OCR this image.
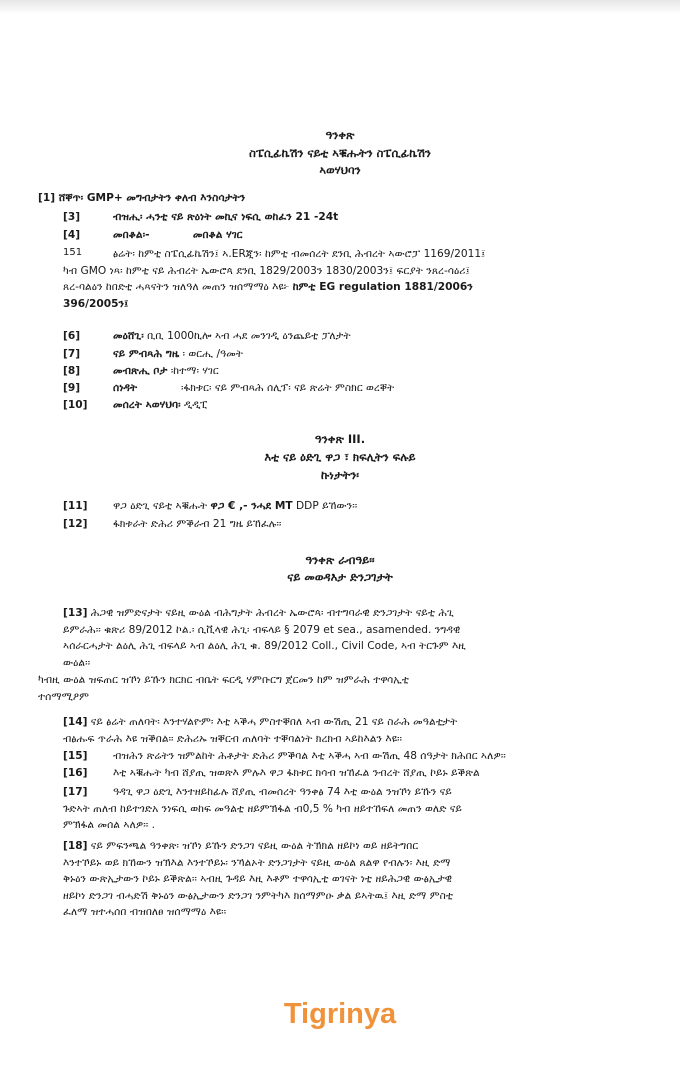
ዓንቀጽ
ስፔሲፊኬሽን ናይቲ ኣቑሑትን ስፔሲፊኬሽን
ኣወሃህባን
[1] ሸቐጥ፡ GMP+ መግብታትን ቀለብ እንስሳታትን
[3]	ብዝሒ፡ ሓንቲ ናይ ጽዕነት መኪና ነፍሲ ወከፈን 21 -24t
[4]	መበቆል፡-	መበቆል ሃገር
151	ፅሬት፡ ከምቲ ስፔሲፊኬሽን፤ ኣ.ERጂን፡ ከምቲ ብመሰረት ደንቢ ሕብረት ኣውሮፓ 1169/2011፤

ካብ GMO ነጻ፡ ከምቲ ናይ ሕብረት ኤውሮጳ ደንቢ 1829/2003ን 1830/2003ን፤ ፍርያት ንጸረ-ሳዕሪ፤

ጸረ-ባልዕን ከበድቲ ሓጻናትን ዝለዓለ መጠን ዝሰማማዕ እዩ፦ ከምቲ EG regulation 1881/2006ን

396/2005ን፤

[6]	መዕሸጊ፡ ቢቢ 1000ኪሎ ኣብ ሓደ መንገዲ ዕንጨይቲ ፓለታት
[7]	ናይ ምብጻሕ ግዜ ፡ ወርሒ /ዓመት
[8]	መብጽሒ ቦታ ፡ከተማ፡ ሃገር
[9]	ሰነዳት             ፡ፋክቱር፡ ናይ ምብጻሕ ሰሊፕ፡ ናይ ጽሬት ምስክር ወረቐት
[10] መሰረት ኣወሃህባ፡ ዲዲፒ
ዓንቀጽ III.
እቲ ናይ ዕድጊ ዋጋ ፣ ክፍሊትን ፍሉይ
ኩነታትን፡
[11] ዋጋ ዕድጊ ናይቲ ኣቑሑት ዋጋ € ,- ንሓደ MT DDP ይኸውን፡፡
[12] ፋክቱራት ድሕሪ ምቕራብ 21 ግዜ ይኸፈሉ፡፡
ዓንቀጽ ራብዓይ፡፡
ናይ መወዳእታ ድንጋገታት

[13] ሕጋዊ ዝምድናታት ናይዚ ውዕል ብሕግታት ሕብረት ኤውሮጳ፡ ብተግባራዊ ድንጋገታት ናይቲ ሕጊ

ይምራሕ፡፡ ቁጽሪ 89/2012 ኮል.፡ ሲቪላዊ ሕጊ፡ ብፍላይ § 2079 et sea., asamended. ንግዳዊ

ኣሰራርሓታት ልዕሊ ሕጊ ብፍላይ ኣብ ልዕሊ ሕጊ ቁ. 89/2012 Coll., Civil Code, ኣብ ትርጉም እዚ

ውዕል፡፡

ካብዚ ውዕል ዝፍጠር ዝኾነ ይኹን ክርክር ብቤት ፍርዲ ሃምቡርግ ጀርመን ከም ዝምራሕ ተዋሳኢቲ

ተሰማሚዖም

[14] ናይ ፅሬት ጠለባት፡ እንተሃልዮም፡ እቲ ኣቕሓ ምስተቐበለ ኣብ ውሽጢ 21 ናይ ስራሕ መዓልቲታት

ብፅሑፍ ጥራሕ እዩ ዝቕበል፡፡ ድሕሪኡ ዝቐርብ ጠለባት ተቐባልነት ክረክብ ኣይከእልን እዩ፡፡

[15] ብዝሕን ጽሬትን ዝምልከት ሕቶታት ድሕሪ ምቕባል እቲ ኣቕሓ ኣብ ውሽጢ 48 ሰዓታት ክሕበር ኣለዎ፡፡
[16] እቲ ኣቑሑት ካብ ሸያጢ ዝወጽእ ምሉእ ዋጋ ፋክቱር ክሳብ ዝኸፈል ንብረት ሸያጢ ኮይኑ ይቕጽል

[17] ዓዳጊ ዋጋ ዕድጊ እንተዘይከፊሉ ሸያጢ ብመሰረት ዓንቀፅ 74 እቲ ውዕል ንዝኾነ ይኹን ናይ

ጉድኣት ጠለብ ከይተጎድአ ንነፍሲ ወከፍ መዓልቲ ዘይምኽፋል ብ0,5 % ካብ ዘይተኸፍለ መጠን ወለድ ናይ

ምኽፋል መሰል ኣለዎ፡፡ .

[18] ናይ ምፍንጫል ዓንቀጽ፡ ዝኾነ ይኹን ድንጋገ ናይዚ ውዕል ትኽክል ዘይኮነ ወይ ዘይትግበር

እንተኾይኑ ወይ ክኸውን ዝኽእል እንተኾይኑ፡ ንኻልኦት ድንጋገታት ናይዚ ውዕል ጸልዋ የብሉን፡ እዚ ድማ

ቅኑዕን ውጽኢታውን ኮይኑ ይቕጽል፡፡ ኣብዚ ጉዳይ እዚ እቶም ተዋሳኢቲ ወገናት ነቲ ዘይሕጋዊ ውፅኢታዊ

ዘይኮነ ድንጋገ ብሓድሽ ቅኑዕን ውፅኢታውን ድንጋገ ንምትካእ ክሰማምዑ ቃል ይኣትዉ፤ እዚ ድማ ምስቲ

ፈለማ ዝተሓሰበ ብዝበለፀ ዝሰማማዕ እዩ፡፡

Tigrinya
